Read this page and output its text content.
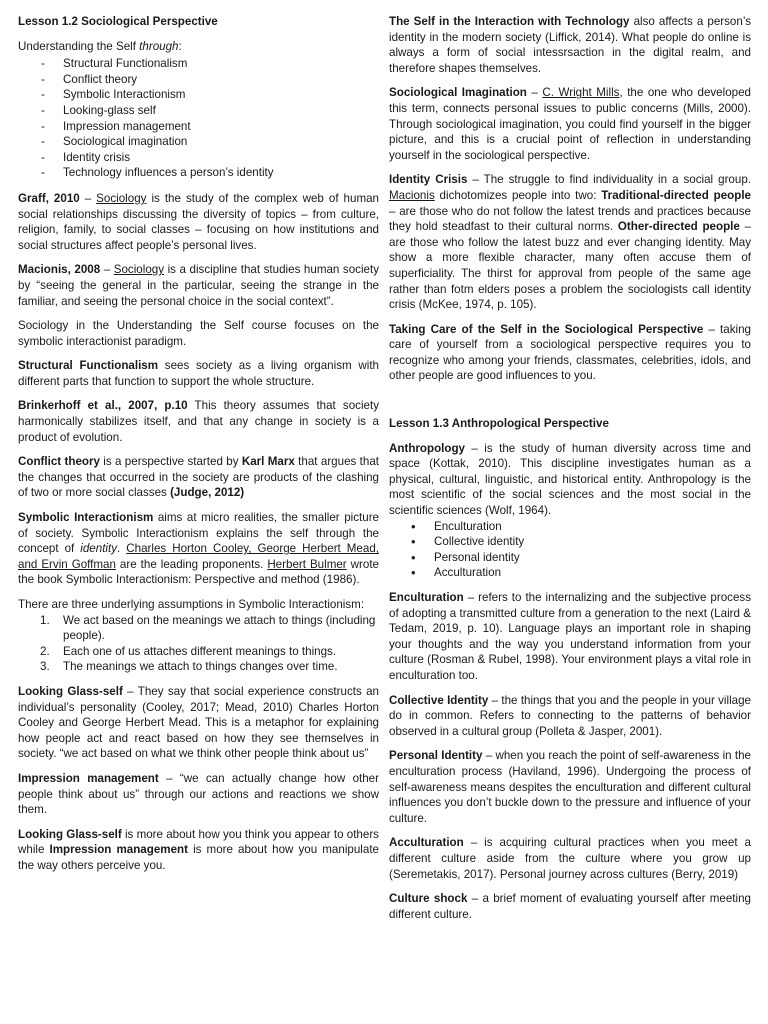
Lesson 1.2 Sociological Perspective

Understanding the Self through:

- Structural Functionalism
- Conflict theory
- Symbolic Interactionism
- Looking-glass self
- Impression management
- Sociological imagination
- Identity crisis
- Technology influences a person’s identity

Graff, 2010 – Sociology is the study of the complex web of human social relationships discussing the diversity of topics – from culture, religion, family, to social classes – focusing on how institutions and social structures affect people’s personal lives.

Macionis, 2008 – Sociology is a discipline that studies human society by “seeing the general in the particular, seeing the strange in the familiar, and seeing the personal choice in the social context”.

Sociology in the Understanding the Self course focuses on the symbolic interactionist paradigm.

Structural Functionalism sees society as a living organism with different parts that function to support the whole structure.

Brinkerhoff et al., 2007, p.10 This theory assumes that society harmonically stabilizes itself, and that any change in society is a product of evolution.

Conflict theory is a perspective started by Karl Marx that argues that the changes that occurred in the society are products of the clashing of two or more social classes (Judge, 2012)

Symbolic Interactionism aims at micro realities, the smaller picture of society. Symbolic Interactionism explains the self through the concept of identity. Charles Horton Cooley, George Herbert Mead, and Ervin Goffman are the leading proponents. Herbert Bulmer wrote the book Symbolic Interactionism: Perspective and method (1986).

There are three underlying assumptions in Symbolic Interactionism:

1. We act based on the meanings we attach to things (including people).
2. Each one of us attaches different meanings to things.
3. The meanings we attach to things changes over time.

Looking Glass-self – They say that social experience constructs an individual’s personality (Cooley, 2017; Mead, 2010) Charles Horton Cooley and George Herbert Mead. This is a metaphor for explaining how people act and react based on how they see themselves in society. “we act based on what we think other people think about us”

Impression management – “we can actually change how other people think about us” through our actions and reactions we show them.

Looking Glass-self is more about how you think you appear to others while Impression management is more about how you manipulate the way others perceive you.

The Self in the Interaction with Technology also affects a person’s identity in the modern society (Liffick, 2014). What people do online is always a form of social intessrsaction in the digital realm, and therefore shapes themselves.

Sociological Imagination – C. Wright Mills, the one who developed this term, connects personal issues to public concerns (Mills, 2000). Through sociological imagination, you could find yourself in the bigger picture, and this is a crucial point of reflection in understanding yourself in the sociological perspective.

Identity Crisis – The struggle to find individuality in a social group. Macionis dichotomizes people into two: Traditional-directed people – are those who do not follow the latest trends and practices because they hold steadfast to their cultural norms. Other-directed people – are those who follow the latest buzz and ever changing identity. May show a more flexible character, many often accuse them of superficiality. The thirst for approval from people of the same age rather than fotm elders poses a problem the sociologists call identity crisis (McKee, 1974, p. 105).

Taking Care of the Self in the Sociological Perspective – taking care of yourself from a sociological perspective requires you to recognize who among your friends, classmates, celebrities, idols, and other people are good influences to you.

Lesson 1.3 Anthropological Perspective

Anthropology – is the study of human diversity across time and space (Kottak, 2010). This discipline investigates human as a physical, cultural, linguistic, and historical entity. Anthropology is the most scientific of the social sciences and the most social in the scientific sciences (Wolf, 1964).

• Enculturation
• Collective identity
• Personal identity
• Acculturation

Enculturation – refers to the internalizing and the subjective process of adopting a transmitted culture from a generation to the next (Laird & Tedam, 2019, p. 10). Language plays an important role in shaping your thoughts and the way you understand information from your culture (Rosman & Rubel, 1998). Your environment plays a vital role in enculturation too.

Collective Identity – the things that you and the people in your village do in common. Refers to connecting to the patterns of behavior observed in a cultural group (Polleta & Jasper, 2001).

Personal Identity – when you reach the point of self-awareness in the enculturation process (Haviland, 1996). Undergoing the process of self-awareness means despites the enculturation and different cultural influences you don’t buckle down to the pressure and influence of your culture.

Acculturation – is acquiring cultural practices when you meet a different culture aside from the culture where you grow up (Seremetakis, 2017). Personal journey across cultures (Berry, 2019)

Culture shock – a brief moment of evaluating yourself after meeting different culture.
